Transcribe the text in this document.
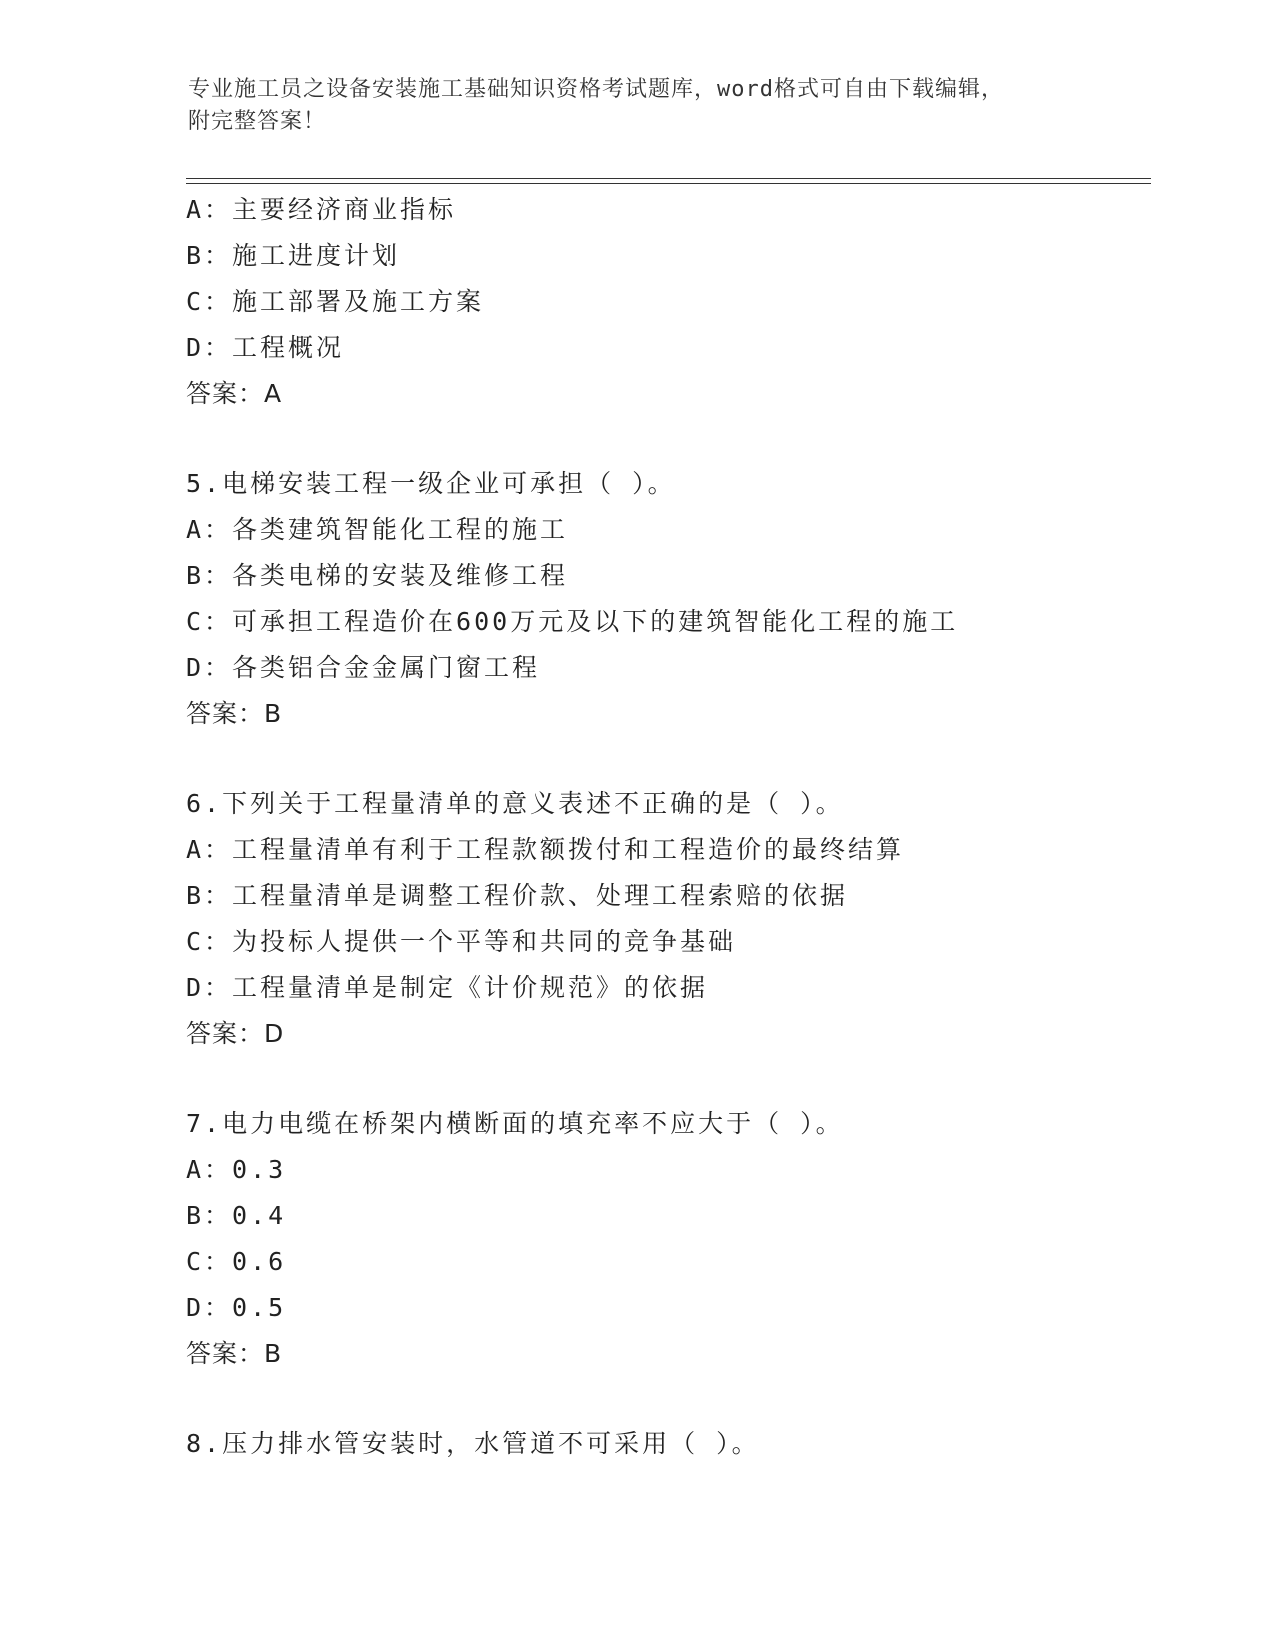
专业施工员之设备安装施工基础知识资格考试题库，word格式可自由下载编辑，
附完整答案！
A：主要经济商业指标
B：施工进度计划
C：施工部署及施工方案
D：工程概况
答案：A
5.电梯安装工程一级企业可承担（ ）。
A：各类建筑智能化工程的施工
B：各类电梯的安装及维修工程
C：可承担工程造价在600万元及以下的建筑智能化工程的施工
D：各类铝合金金属门窗工程
答案：B
6.下列关于工程量清单的意义表述不正确的是（ ）。
A：工程量清单有利于工程款额拨付和工程造价的最终结算
B：工程量清单是调整工程价款、处理工程索赔的依据
C：为投标人提供一个平等和共同的竞争基础
D：工程量清单是制定《计价规范》的依据
答案：D
7.电力电缆在桥架内横断面的填充率不应大于（ ）。
A：0.3
B：0.4
C：0.6
D：0.5
答案：B
8.压力排水管安装时，水管道不可采用（ ）。
